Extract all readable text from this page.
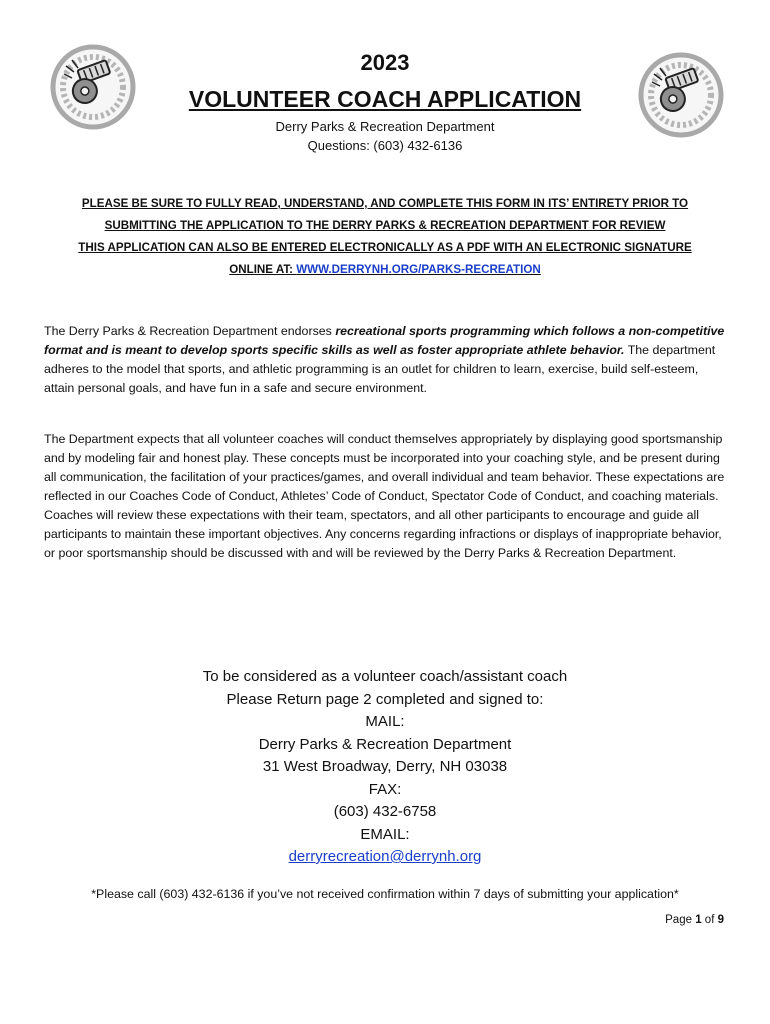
2023
VOLUNTEER COACH APPLICATION
Derry Parks & Recreation Department
Questions: (603) 432-6136
PLEASE BE SURE TO FULLY READ, UNDERSTAND, AND COMPLETE THIS FORM IN ITS’ ENTIRETY PRIOR TO
SUBMITTING THE APPLICATION TO THE DERRY PARKS & RECREATION DEPARTMENT FOR REVIEW
THIS APPLICATION CAN ALSO BE ENTERED ELECTRONICALLY AS A PDF WITH AN ELECTRONIC SIGNATURE
ONLINE AT: WWW.DERRYNH.ORG/PARKS-RECREATION
The Derry Parks & Recreation Department endorses recreational sports programming which follows a non-competitive format and is meant to develop sports specific skills as well as foster appropriate athlete behavior. The department adheres to the model that sports, and athletic programming is an outlet for children to learn, exercise, build self-esteem, attain personal goals, and have fun in a safe and secure environment.
The Department expects that all volunteer coaches will conduct themselves appropriately by displaying good sportsmanship and by modeling fair and honest play. These concepts must be incorporated into your coaching style, and be present during all communication, the facilitation of your practices/games, and overall individual and team behavior. These expectations are reflected in our Coaches Code of Conduct, Athletes’ Code of Conduct, Spectator Code of Conduct, and coaching materials. Coaches will review these expectations with their team, spectators, and all other participants to encourage and guide all participants to maintain these important objectives. Any concerns regarding infractions or displays of inappropriate behavior, or poor sportsmanship should be discussed with and will be reviewed by the Derry Parks & Recreation Department.
To be considered as a volunteer coach/assistant coach
Please Return page 2 completed and signed to:
MAIL:
Derry Parks & Recreation Department
31 West Broadway, Derry, NH 03038
FAX:
(603) 432-6758
EMAIL:
derryrecreation@derrynh.org
*Please call (603) 432-6136 if you’ve not received confirmation within 7 days of submitting your application*
Page 1 of 9
